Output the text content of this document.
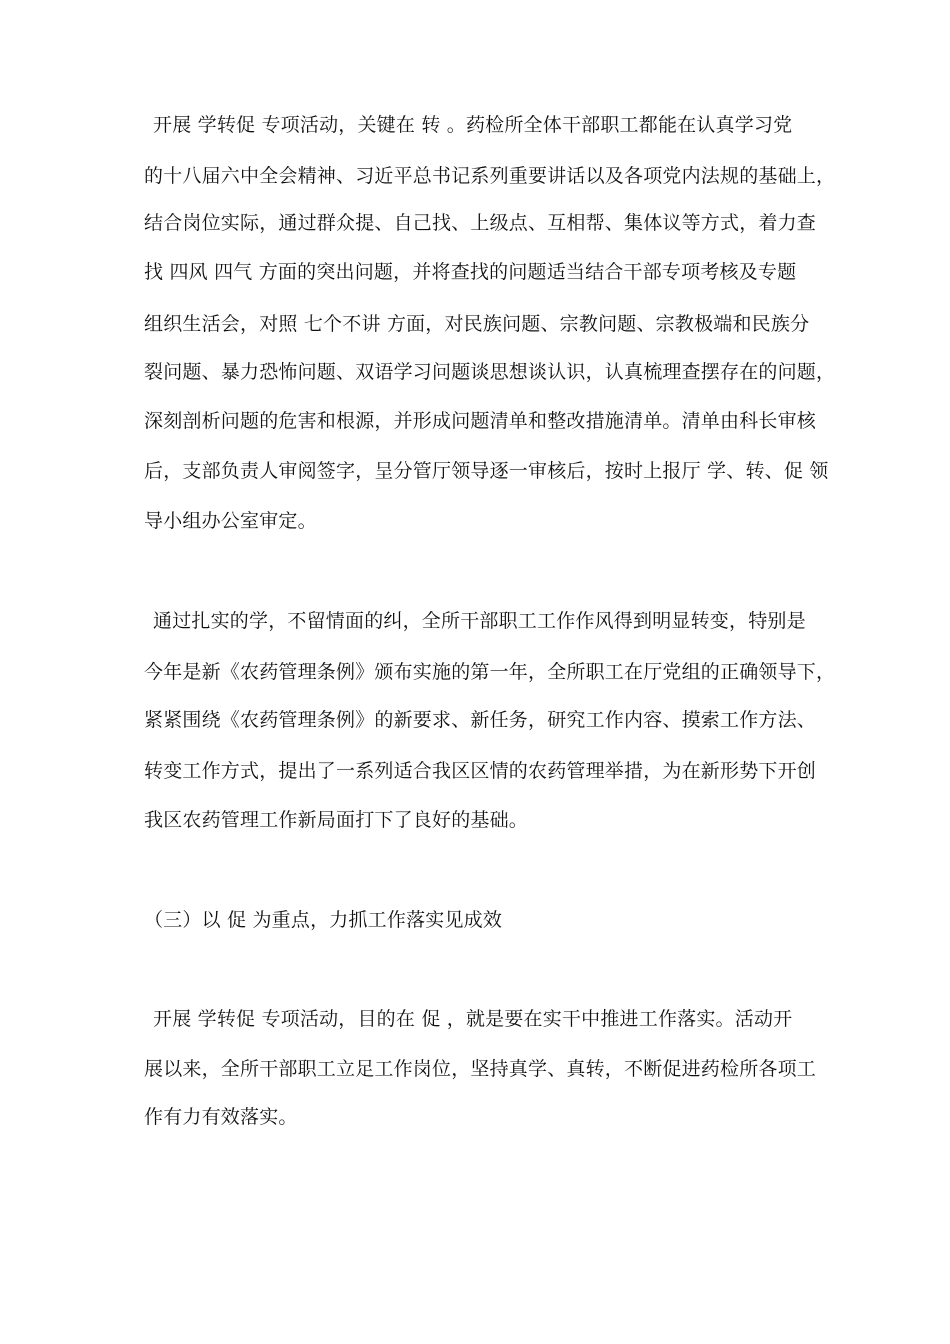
开展 学转促 专项活动，关键在 转 。药检所全体干部职工都能在认真学习党
的十八届六中全会精神、习近平总书记系列重要讲话以及各项党内法规的基础上，
结合岗位实际，通过群众提、自己找、上级点、互相帮、集体议等方式，着力查
找 四风 四气 方面的突出问题，并将查找的问题适当结合干部专项考核及专题
组织生活会，对照 七个不讲 方面，对民族问题、宗教问题、宗教极端和民族分
裂问题、暴力恐怖问题、双语学习问题谈思想谈认识，认真梳理查摆存在的问题，
深刻剖析问题的危害和根源，并形成问题清单和整改措施清单。清单由科长审核
后，支部负责人审阅签字，呈分管厅领导逐一审核后，按时上报厅 学、转、促 领
导小组办公室审定。
通过扎实的学，不留情面的纠，全所干部职工工作作风得到明显转变，特别是
今年是新《农药管理条例》颁布实施的第一年，全所职工在厅党组的正确领导下，
紧紧围绕《农药管理条例》的新要求、新任务，研究工作内容、摸索工作方法、
转变工作方式，提出了一系列适合我区区情的农药管理举措，为在新形势下开创
我区农药管理工作新局面打下了良好的基础。
（三）以 促 为重点，力抓工作落实见成效
开展 学转促 专项活动，目的在 促 ，就是要在实干中推进工作落实。活动开
展以来，全所干部职工立足工作岗位，坚持真学、真转，不断促进药检所各项工
作有力有效落实。
